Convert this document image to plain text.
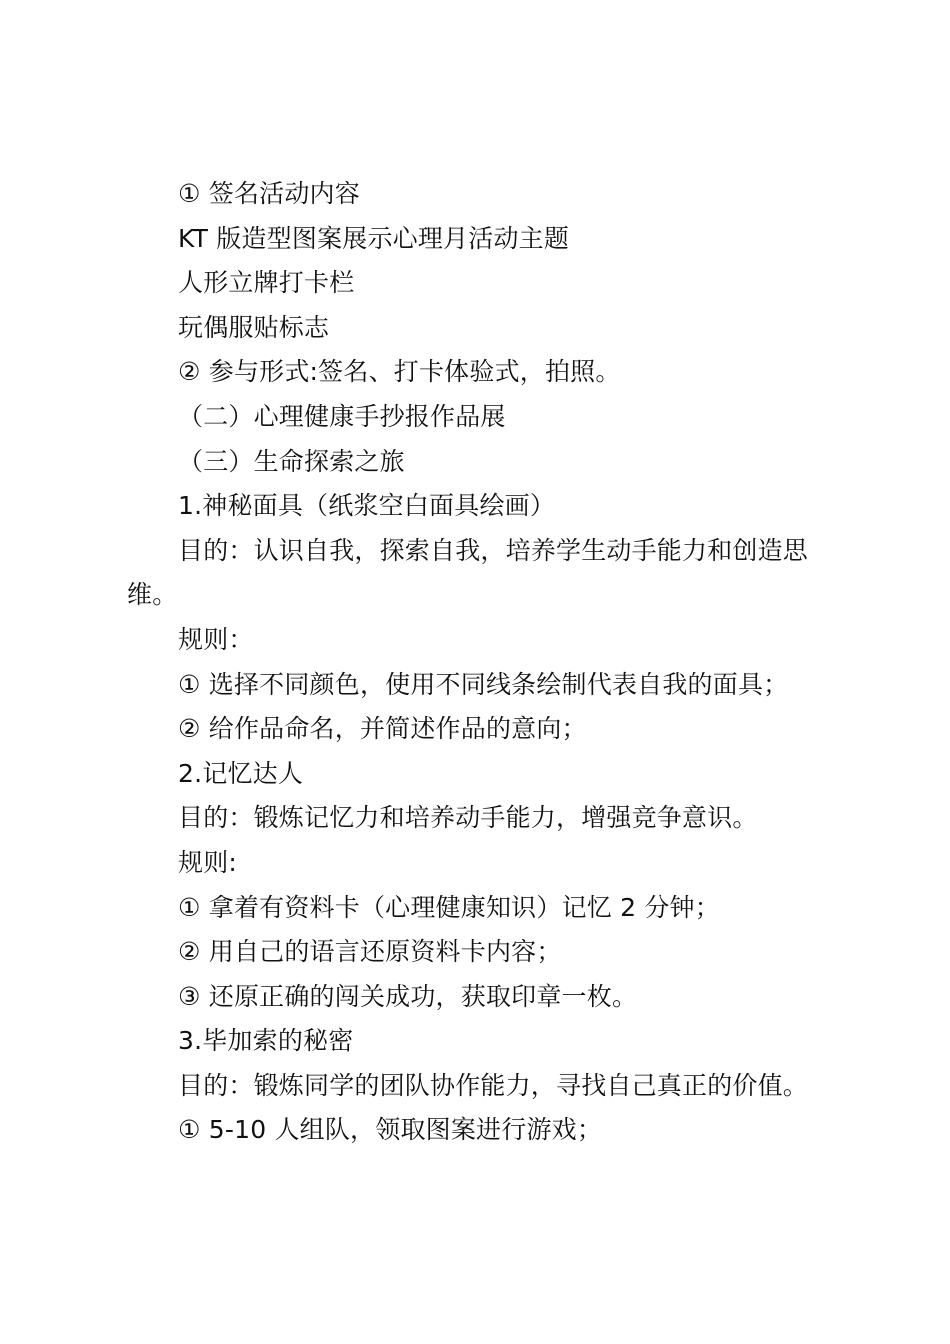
① 签名活动内容
KT 版造型图案展示心理月活动主题
人形立牌打卡栏
玩偶服贴标志
② 参与形式:签名、打卡体验式，拍照。
（二）心理健康手抄报作品展
（三）生命探索之旅
1.神秘面具（纸浆空白面具绘画）
目的：认识自我，探索自我，培养学生动手能力和创造思
维。
规则：
① 选择不同颜色，使用不同线条绘制代表自我的面具；
② 给作品命名，并简述作品的意向；
2.记忆达人
目的：锻炼记忆力和培养动手能力，增强竞争意识。
规则:
① 拿着有资料卡（心理健康知识）记忆 2 分钟；
② 用自己的语言还原资料卡内容；
③ 还原正确的闯关成功，获取印章一枚。
3.毕加索的秘密
目的：锻炼同学的团队协作能力，寻找自己真正的价值。
① 5-10 人组队，领取图案进行游戏；
